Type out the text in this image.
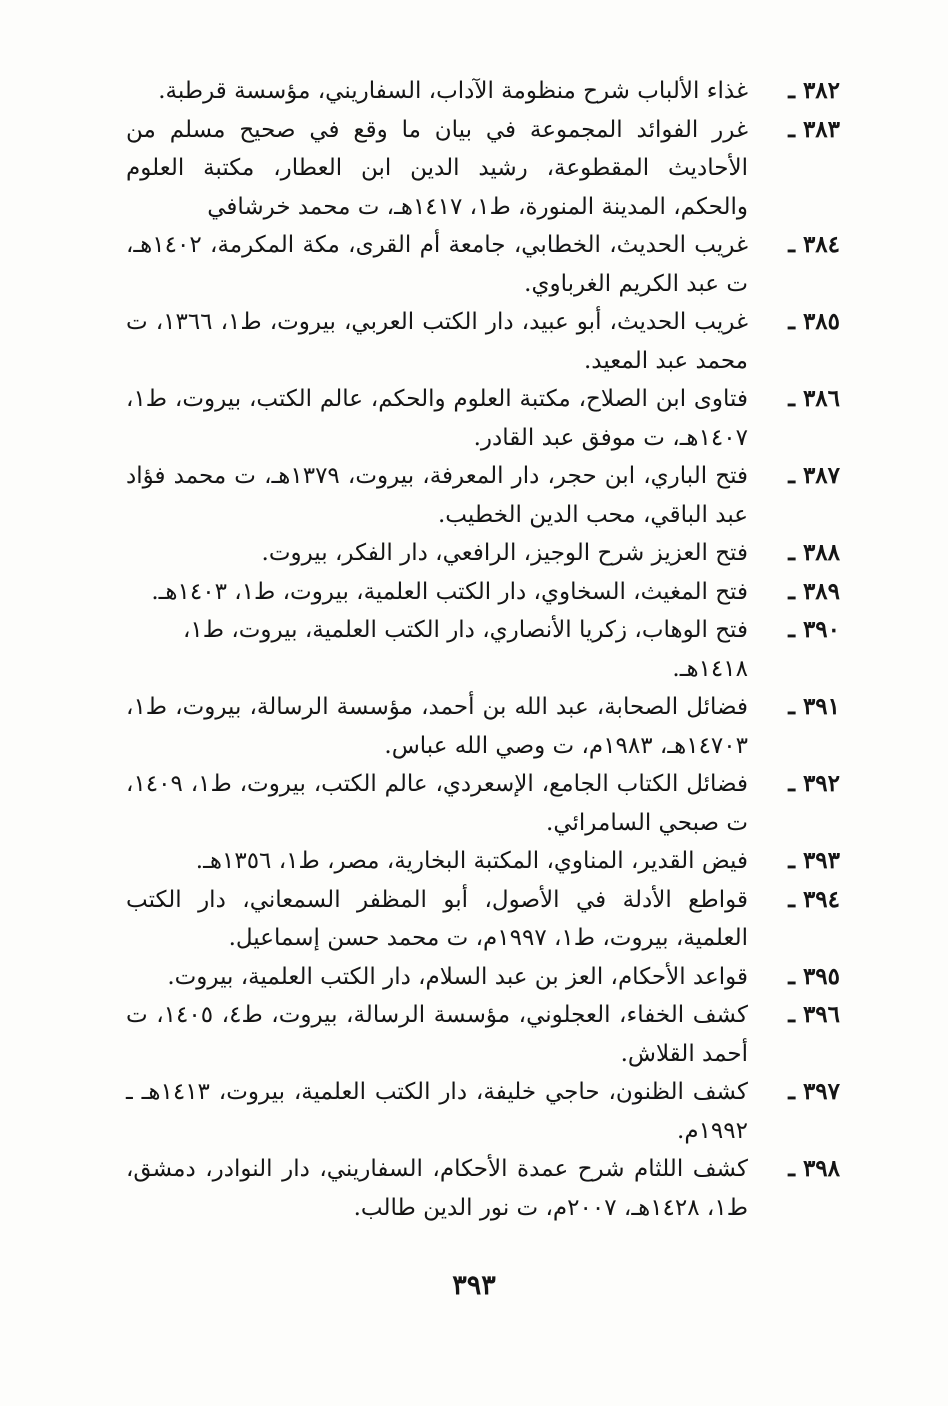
٣٨٢ ـ
غذاء الألباب شرح منظومة الآداب، السفاريني، مؤسسة قرطبة.
٣٨٣ ـ
غرر الفوائد المجموعة في بيان ما وقع في صحيح مسلم من الأحاديث المقطوعة، رشيد الدين ابن العطار، مكتبة العلوم والحكم، المدينة المنورة، ط١، ١٤١٧هـ، ت محمد خرشافي
٣٨٤ ـ
غريب الحديث، الخطابي، جامعة أم القرى، مكة المكرمة، ١٤٠٢هـ، ت عبد الكريم الغرباوي.
٣٨٥ ـ
غريب الحديث، أبو عبيد، دار الكتب العربي، بيروت، ط١، ١٣٦٦، ت محمد عبد المعيد.
٣٨٦ ـ
فتاوى ابن الصلاح، مكتبة العلوم والحكم، عالم الكتب، بيروت، ط١، ١٤٠٧هـ، ت موفق عبد القادر.
٣٨٧ ـ
فتح الباري، ابن حجر، دار المعرفة، بيروت، ١٣٧٩هـ، ت محمد فؤاد عبد الباقي، محب الدين الخطيب.
٣٨٨ ـ
فتح العزيز شرح الوجيز، الرافعي، دار الفكر، بيروت.
٣٨٩ ـ
فتح المغيث، السخاوي، دار الكتب العلمية، بيروت، ط١، ١٤٠٣هـ.
٣٩٠ ـ
فتح الوهاب، زكريا الأنصاري، دار الكتب العلمية، بيروت، ط١، ١٤١٨هـ.
٣٩١ ـ
فضائل الصحابة، عبد الله بن أحمد، مؤسسة الرسالة، بيروت، ط١، ١٤٧٠٣هـ، ١٩٨٣م، ت وصي الله عباس.
٣٩٢ ـ
فضائل الكتاب الجامع، الإسعردي، عالم الكتب، بيروت، ط١، ١٤٠٩، ت صبحي السامرائي.
٣٩٣ ـ
فيض القدير، المناوي، المكتبة البخارية، مصر، ط١، ١٣٥٦هـ.
٣٩٤ ـ
قواطع الأدلة في الأصول، أبو المظفر السمعاني، دار الكتب العلمية، بيروت، ط١، ١٩٩٧م، ت محمد حسن إسماعيل.
٣٩٥ ـ
قواعد الأحكام، العز بن عبد السلام، دار الكتب العلمية، بيروت.
٣٩٦ ـ
كشف الخفاء، العجلوني، مؤسسة الرسالة، بيروت، ط٤، ١٤٠٥، ت أحمد القلاش.
٣٩٧ ـ
كشف الظنون، حاجي خليفة، دار الكتب العلمية، بيروت، ١٤١٣هـ ـ ١٩٩٢م.
٣٩٨ ـ
كشف اللثام شرح عمدة الأحكام، السفاريني، دار النوادر، دمشق، ط١، ١٤٢٨هـ، ٢٠٠٧م، ت نور الدين طالب.
٣٩٣
